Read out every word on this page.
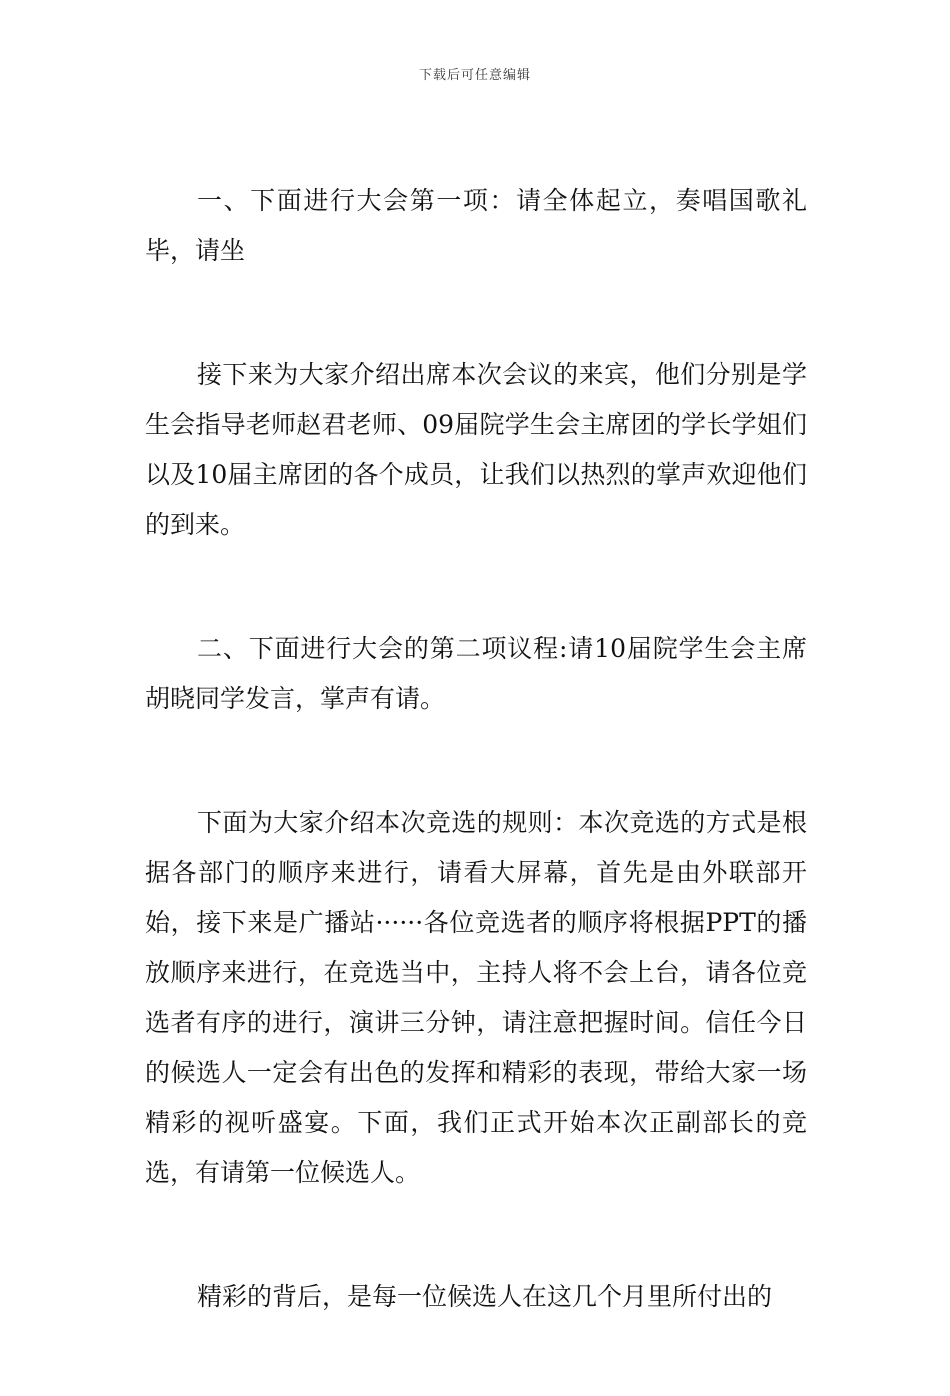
下载后可任意编辑

一、下面进行大会第一项：请全体起立，奏唱国歌礼毕，请坐

接下来为大家介绍出席本次会议的来宾，他们分别是学生会指导老师赵君老师、09届院学生会主席团的学长学姐们以及10届主席团的各个成员，让我们以热烈的掌声欢迎他们的到来。

二、下面进行大会的第二项议程:请10届院学生会主席胡晓同学发言，掌声有请。

下面为大家介绍本次竞选的规则：本次竞选的方式是根据各部门的顺序来进行，请看大屏幕，首先是由外联部开始，接下来是广播站······各位竞选者的顺序将根据PPT的播放顺序来进行，在竞选当中，主持人将不会上台，请各位竞选者有序的进行，演讲三分钟，请注意把握时间。信任今日的候选人一定会有出色的发挥和精彩的表现，带给大家一场精彩的视听盛宴。下面，我们正式开始本次正副部长的竞选，有请第一位候选人。

精彩的背后，是每一位候选人在这几个月里所付出的
